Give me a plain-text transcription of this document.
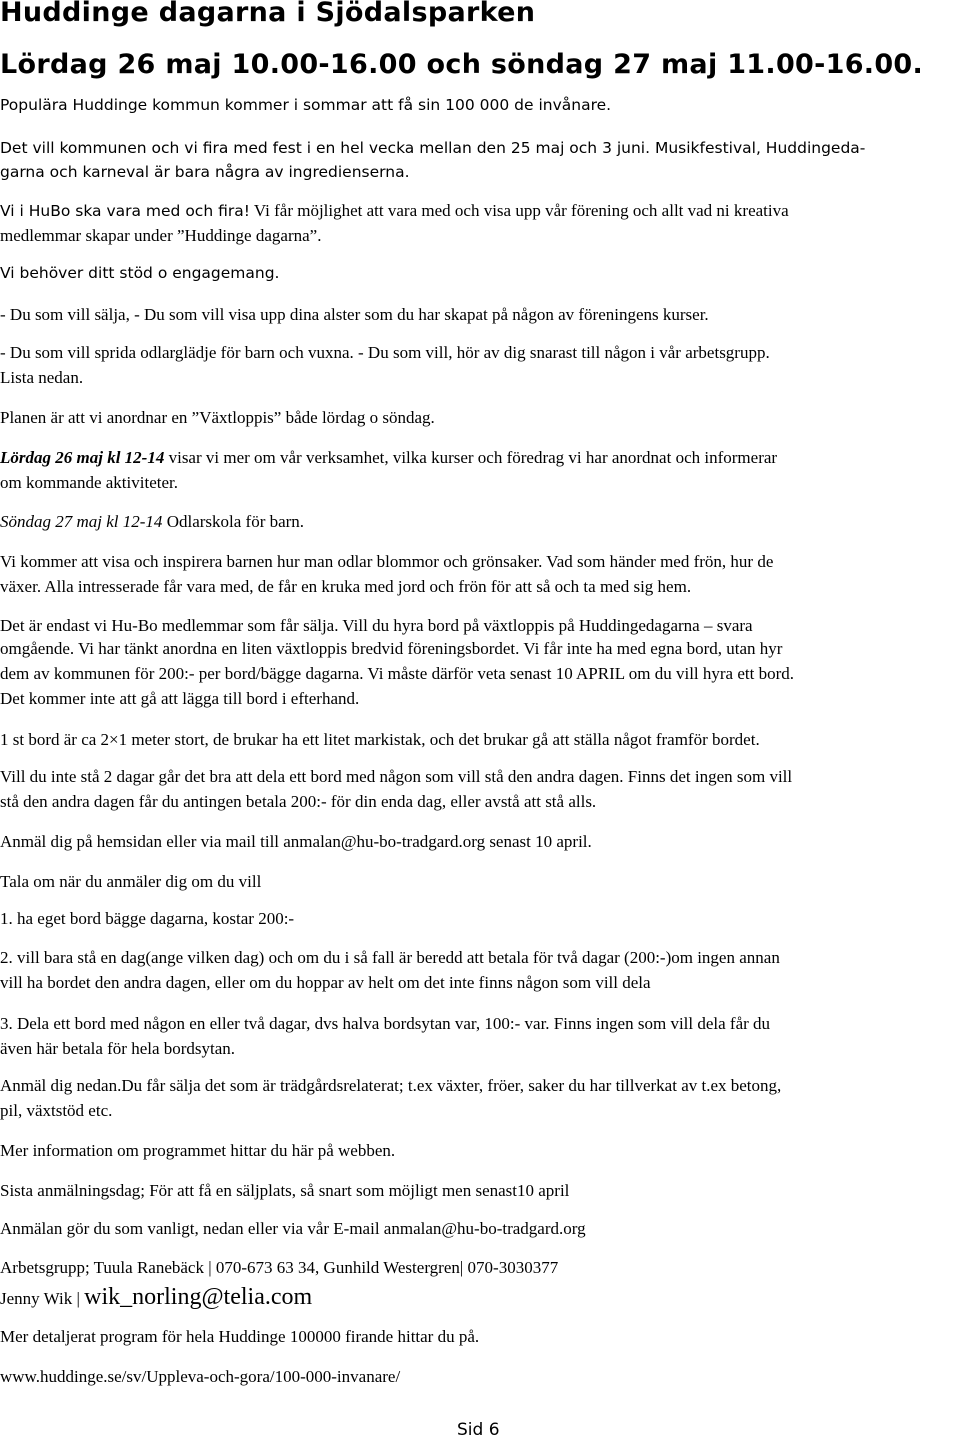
Huddinge dagarna i Sjödalsparken
Lördag 26 maj 10.00-16.00 och söndag 27 maj 11.00-16.00.
Populära Huddinge kommun kommer i sommar att få sin 100 000 de invånare.
Det vill kommunen och vi fira med fest i en hel vecka mellan den 25 maj och 3 juni. Musikfestival, Huddingeda-
garna och karneval är bara några av ingredienserna.
Vi i HuBo ska vara med och fira! Vi får möjlighet att vara med och visa upp vår förening och allt vad ni kreativa
medlemmar skapar under ”Huddinge dagarna”.
Vi behöver ditt stöd o engagemang.
- Du som vill sälja, - Du som vill visa upp dina alster som du har skapat på någon av föreningens kurser.
- Du som vill sprida odlarglädje för barn och vuxna. - Du som vill, hör av dig snarast till någon i vår arbetsgrupp.
Lista nedan.
Planen är att vi anordnar en ”Växtloppis” både lördag o söndag.
Lördag 26 maj kl 12-14 visar vi mer om vår verksamhet, vilka kurser och föredrag vi har anordnat och informerar
om kommande aktiviteter.
Söndag 27 maj kl 12-14 Odlarskola för barn.
Vi kommer att visa och inspirera barnen hur man odlar blommor och grönsaker. Vad som händer med frön, hur de
växer. Alla intresserade får vara med, de får en kruka med jord och frön för att så och ta med sig hem.
Det är endast vi Hu-Bo medlemmar som får sälja. Vill du hyra bord på växtloppis på Huddingedagarna – svara
omgående. Vi har tänkt anordna en liten växtloppis bredvid föreningsbordet. Vi får inte ha med egna bord, utan hyr
dem av kommunen för 200:- per bord/bägge dagarna. Vi måste därför veta senast 10 APRIL om du vill hyra ett bord.
Det kommer inte att gå att lägga till bord i efterhand.
1 st bord är ca 2×1 meter stort, de brukar ha ett litet markistak, och det brukar gå att ställa något framför bordet.
Vill du inte stå 2 dagar går det bra att dela ett bord med någon som vill stå den andra dagen. Finns det ingen som vill
stå den andra dagen får du antingen betala 200:- för din enda dag, eller avstå att stå alls.
Anmäl dig på hemsidan eller via mail till anmalan@hu-bo-tradgard.org senast 10 april.
Tala om när du anmäler dig om du vill
1. ha eget bord bägge dagarna, kostar 200:-
2. vill bara stå en dag(ange vilken dag) och om du i så fall är beredd att betala för två dagar (200:-)om ingen annan
vill ha bordet den andra dagen, eller om du hoppar av helt om det inte finns någon som vill dela
3. Dela ett bord med någon en eller två dagar, dvs halva bordsytan var, 100:- var. Finns ingen som vill dela får du
även här betala för hela bordsytan.
Anmäl dig nedan.Du får sälja det som är trädgårdsrelaterat; t.ex växter, fröer, saker du har tillverkat av t.ex betong,
pil, växtstöd etc.
Mer information om programmet hittar du här på webben.
Sista anmälningsdag; För att få en säljplats, så snart som möjligt men senast10 april
Anmälan gör du som vanligt, nedan eller via vår E-mail anmalan@hu-bo-tradgard.org
Arbetsgrupp; Tuula Ranebäck | 070-673 63 34, Gunhild Westergren| 070-3030377
Jenny Wik | wik_norling@telia.com
Mer detaljerat program för hela Huddinge 100000 firande hittar du på.
www.huddinge.se/sv/Uppleva-och-gora/100-000-invanare/
Sid 6
